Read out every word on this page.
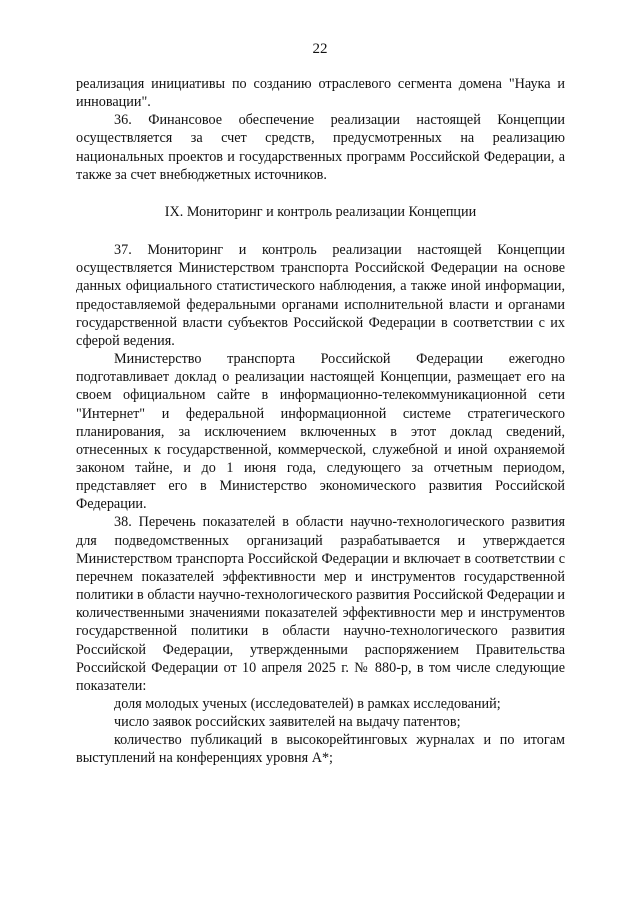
22

реализация инициативы по созданию отраслевого сегмента домена "Наука и инновации".

36. Финансовое обеспечение реализации настоящей Концепции осуществляется за счет средств, предусмотренных на реализацию национальных проектов и государственных программ Российской Федерации, а также за счет внебюджетных источников.

IX. Мониторинг и контроль реализации Концепции

37. Мониторинг и контроль реализации настоящей Концепции осуществляется Министерством транспорта Российской Федерации на основе данных официального статистического наблюдения, а также иной информации, предоставляемой федеральными органами исполнительной власти и органами государственной власти субъектов Российской Федерации в соответствии с их сферой ведения.

Министерство транспорта Российской Федерации ежегодно подготавливает доклад о реализации настоящей Концепции, размещает его на своем официальном сайте в информационно-телекоммуникационной сети "Интернет" и федеральной информационной системе стратегического планирования, за исключением включенных в этот доклад сведений, отнесенных к государственной, коммерческой, служебной и иной охраняемой законом тайне, и до 1 июня года, следующего за отчетным периодом, представляет его в Министерство экономического развития Российской Федерации.

38. Перечень показателей в области научно-технологического развития для подведомственных организаций разрабатывается и утверждается Министерством транспорта Российской Федерации и включает в соответствии с перечнем показателей эффективности мер и инструментов государственной политики в области научно-технологического развития Российской Федерации и количественными значениями показателей эффективности мер и инструментов государственной политики в области научно-технологического развития Российской Федерации, утвержденными распоряжением Правительства Российской Федерации от 10 апреля 2025 г. № 880-р, в том числе следующие показатели:

доля молодых ученых (исследователей) в рамках исследований;

число заявок российских заявителей на выдачу патентов;

количество публикаций в высокорейтинговых журналах и по итогам выступлений на конференциях уровня А*;
